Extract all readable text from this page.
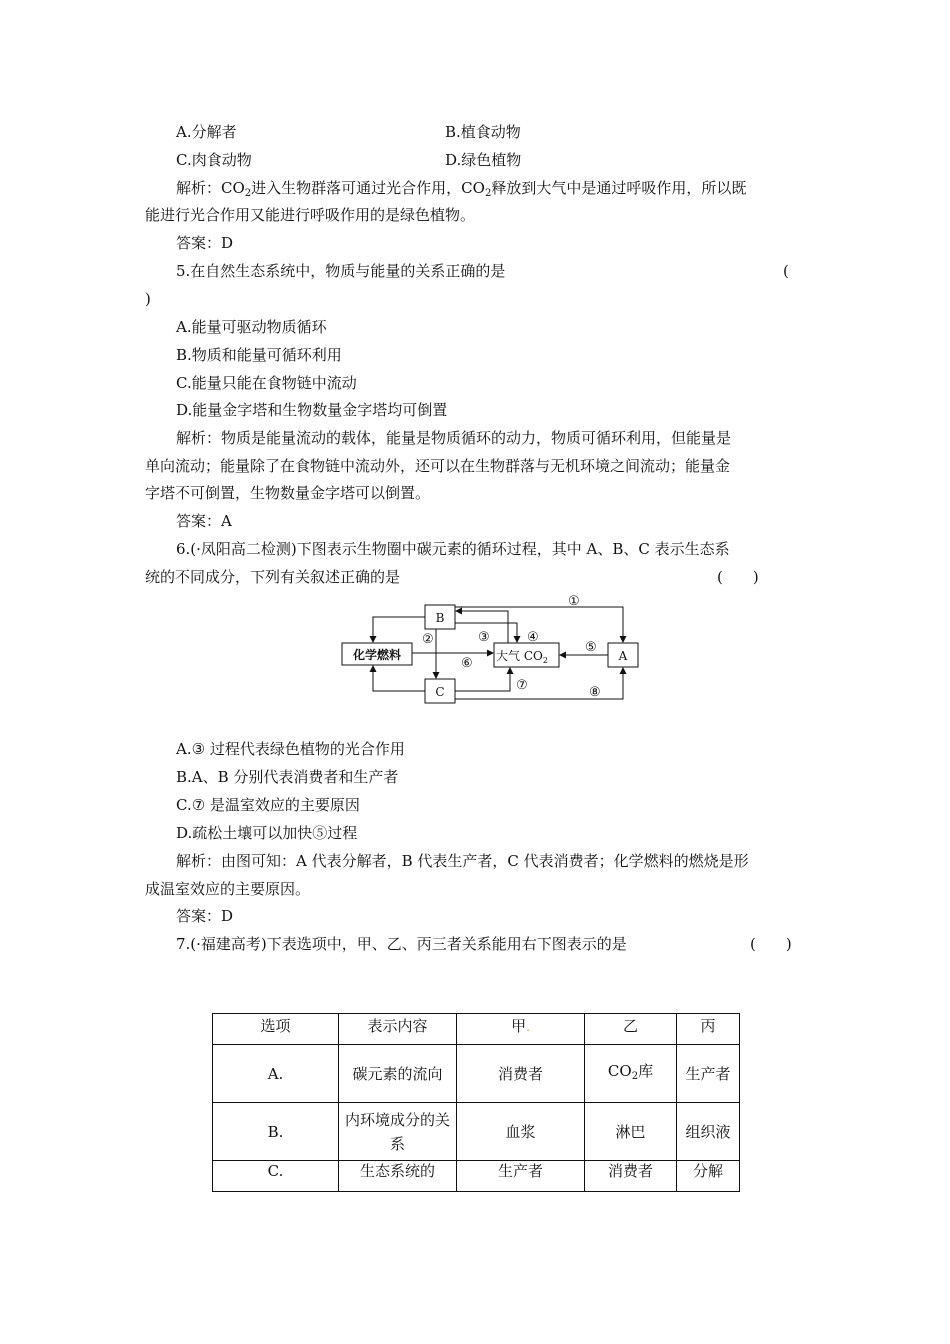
A.分解者	B.植食动物
C.肉食动物	D.绿色植物
解析：$CO_2$进入生物群落可通过光合作用，$CO_2$释放到大气中是通过呼吸作用，所以既
能进行光合作用又能进行呼吸作用的是绿色植物。
答案：D
5.在自然生态系统中，物质与能量的关系正确的是	(
)
A.能量可驱动物质循环
B.物质和能量可循环利用
C.能量只能在食物链中流动
D.能量金字塔和生物数量金字塔均可倒置
解析：物质是能量流动的载体，能量是物质循环的动力，物质可循环利用，但能量是
单向流动；能量除了在食物链中流动外，还可以在生物群落与无机环境之间流动；能量金
字塔不可倒置，生物数量金字塔可以倒置。
答案：A
6.(·凤阳高二检测)下图表示生物圈中碳元素的循环过程，其中 A、B、C 表示生态系
统的不同成分，下列有关叙述正确的是	(　　)
化学燃料
B
C
A
大气 $CO_2$
①
②	③	④
⑤
⑥
⑦	⑧
A.③ 过程代表绿色植物的光合作用
B.A、B 分别代表消费者和生产者
C.⑦ 是温室效应的主要原因
D.疏松土壤可以加快⑤过程
解析：由图可知：A 代表分解者，B 代表生产者，C 代表消费者；化学燃料的燃烧是形
成温室效应的主要原因。
答案：D
7.(·福建高考)下表选项中，甲、乙、丙三者关系能用右下图表示的是	(　　)
选项	表示内容	甲.	乙	丙
A.	碳元素的流向	消费者	$CO_2$库	生产者
B.	内环境成分的关系	血浆	淋巴	组织液
C.	生态系统的	生产者	消费者	分解
